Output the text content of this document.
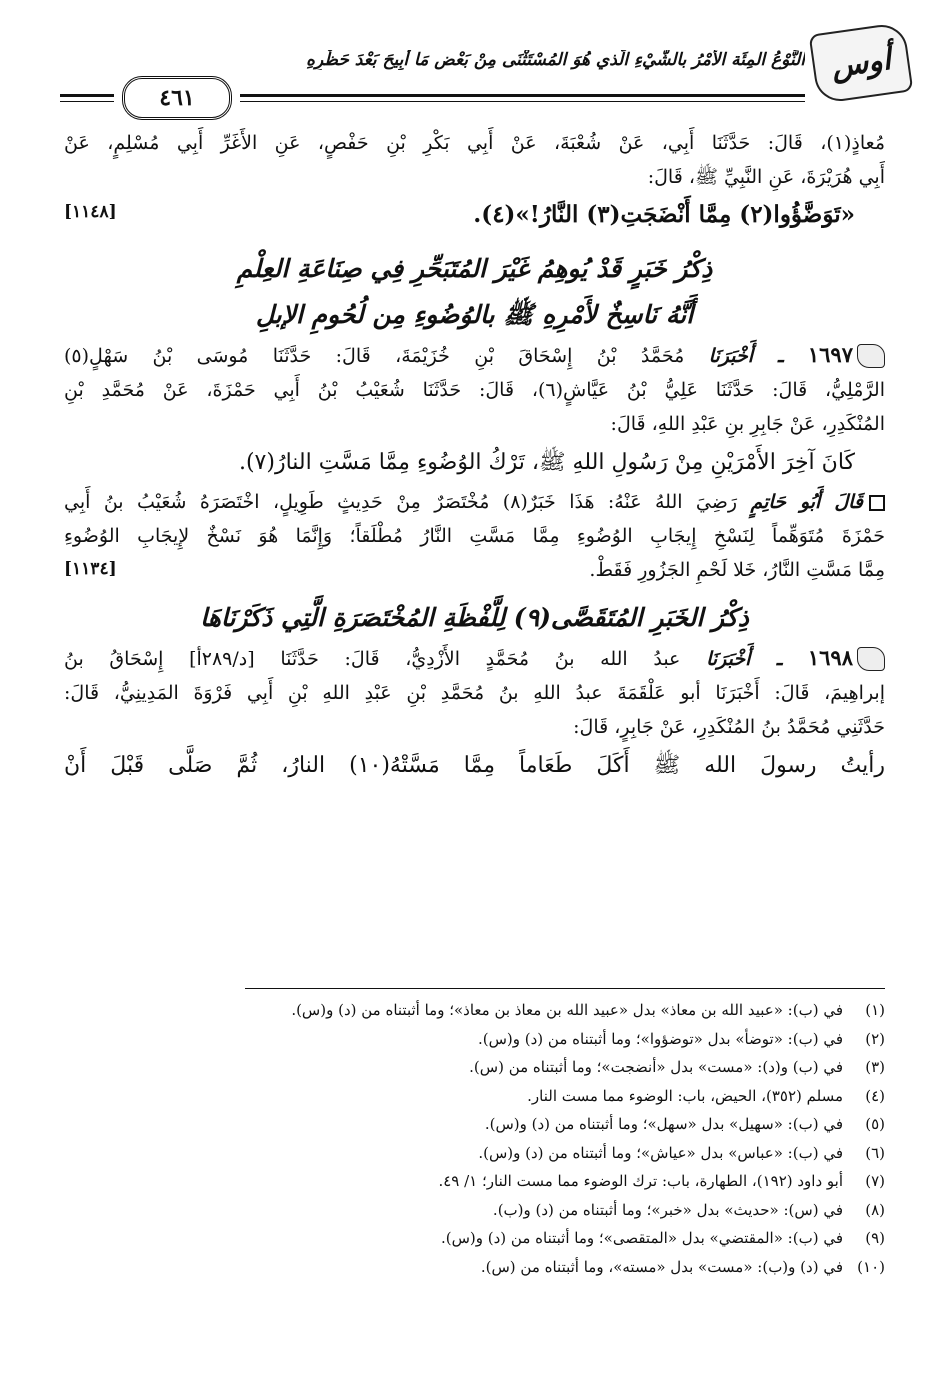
أوس
النَّوْعُ المِئَة الأمْرُ بالشَّيْءِ الَّذي هُوَ المُسْتَثْنَى مِنْ بَعْضِ مَا أُبِيحَ بَعْدَ حَظْرِهِ
٤٦١
مُعاذٍ(١)، قَالَ: حَدَّثَنَا أَبِي، عَنْ شُعْبَةَ، عَنْ أَبِي بَكْرِ بْنِ حَفْصٍ، عَنِ الأَغَرِّ أَبِي مُسْلِمٍ، عَنْ
أَبِي هُرَيْرَةَ، عَنِ النَّبِيِّ ﷺ، قَالَ:
«تَوَضَّؤُوا(٢) مِمَّا أَنْضَجَتِ(٣) النَّارُ!»(٤).
[١١٤٨]
ذِكْرُ خَبَرٍ قَدْ يُوهِمُ غَيْرَ المُتَبَحِّرِ فِي صِنَاعَةِ العِلْمِ
أَنَّهُ نَاسِخٌ لأَمْرِهِ ﷺ بالوُضُوءِ مِن لُحُومِ الإبلِ
١٦٩٧ ـ أَخْبَرَنَا مُحَمَّدُ بْنُ إِسْحَاقَ بْنِ خُزَيْمَةَ، قَالَ: حَدَّثَنَا مُوسَى بْنُ سَهْلٍ(٥)
الرَّمْلِيُّ، قَالَ: حَدَّثَنَا عَلِيُّ بْنُ عَيَّاشٍ(٦)، قَالَ: حَدَّثَنَا شُعَيْبُ بْنُ أَبِي حَمْزَةَ، عَنْ مُحَمَّدِ بْنِ
المُنْكَدِرِ، عَنْ جَابِرِ بنِ عَبْدِ اللهِ، قَالَ:
كَانَ آخِرَ الأَمْرَيْنِ مِنْ رَسُولِ اللهِ ﷺ، تَرْكُ الوُضُوءِ مِمَّا مَسَّتِ النارُ(٧).
قَالَ أَبُو حَاتِمٍ رَضِيَ اللهُ عَنْهُ: هَذَا خَبَرٌ(٨) مُخْتَصَرٌ مِنْ حَدِيثٍ طَوِيلٍ، اخْتَصَرَهُ شُعَيْبُ بنُ أَبِي
حَمْزَةَ مُتَوَهِّماً لِنَسْخِ إِيجَابِ الوُضُوءِ مِمَّا مَسَّتِ النَّارُ مُطْلَقاً؛ وَإِنَّمَا هُوَ نَسْخٌ لإِيجَابِ الوُضُوءِ
مِمَّا مَسَّتِ النَّارُ، خَلا لَحْمِ الجَزُورِ فَقَطْ.
[١١٣٤]
ذِكْرُ الخَبَرِ المُتَقَصَّى(٩) لِلَّفْظَةِ المُخْتَصَرَةِ الَّتِي ذَكَرْنَاهَا
١٦٩٨ ـ أَخْبَرَنَا عبدُ الله بنُ مُحَمَّدٍ الأَزْدِيُّ، قَالَ: حَدَّثَنَا [د/٢٨٩أ] إِسْحَاقُ بنُ
إبراهِيمَ، قَالَ: أَخْبَرَنَا أبو عَلْقَمَةَ عبدُ اللهِ بنُ مُحَمَّدِ بْنِ عَبْدِ اللهِ بْنِ أَبِي فَرْوَةَ المَدِينِيُّ، قَالَ:
حَدَّثَنِي مُحَمَّدُ بنُ المُنْكَدِرِ، عَنْ جَابِرٍ، قَالَ:
رأيتُ رسولَ الله ﷺ أَكَلَ طَعَاماً مِمَّا مَسَّتْهُ(١٠) النارُ، ثُمَّ صَلَّى قَبْلَ أَنْ
(١)
في (ب): «عبيد الله بن معاذ» بدل «عبيد الله بن معاذ بن معاذ»؛ وما أثبتناه من (د) و(س).
(٢)
في (ب): «توضأ» بدل «توضؤوا»؛ وما أثبتناه من (د) و(س).
(٣)
في (ب) و(د): «مست» بدل «أنضجت»؛ وما أثبتناه من (س).
(٤)
مسلم (٣٥٢)، الحيض، باب: الوضوء مما مست النار.
(٥)
في (ب): «سهيل» بدل «سهل»؛ وما أثبتناه من (د) و(س).
(٦)
في (ب): «عباس» بدل «عياش»؛ وما أثبتناه من (د) و(س).
(٧)
أبو داود (١٩٢)، الطهارة، باب: ترك الوضوء مما مست النار؛ ١/ ٤٩.
(٨)
في (س): «حديث» بدل «خبر»؛ وما أثبتناه من (د) و(ب).
(٩)
في (ب): «المقتضي» بدل «المتقصى»؛ وما أثبتناه من (د) و(س).
(١٠)
في (د) و(ب): «مست» بدل «مسته»، وما أثبتناه من (س).
